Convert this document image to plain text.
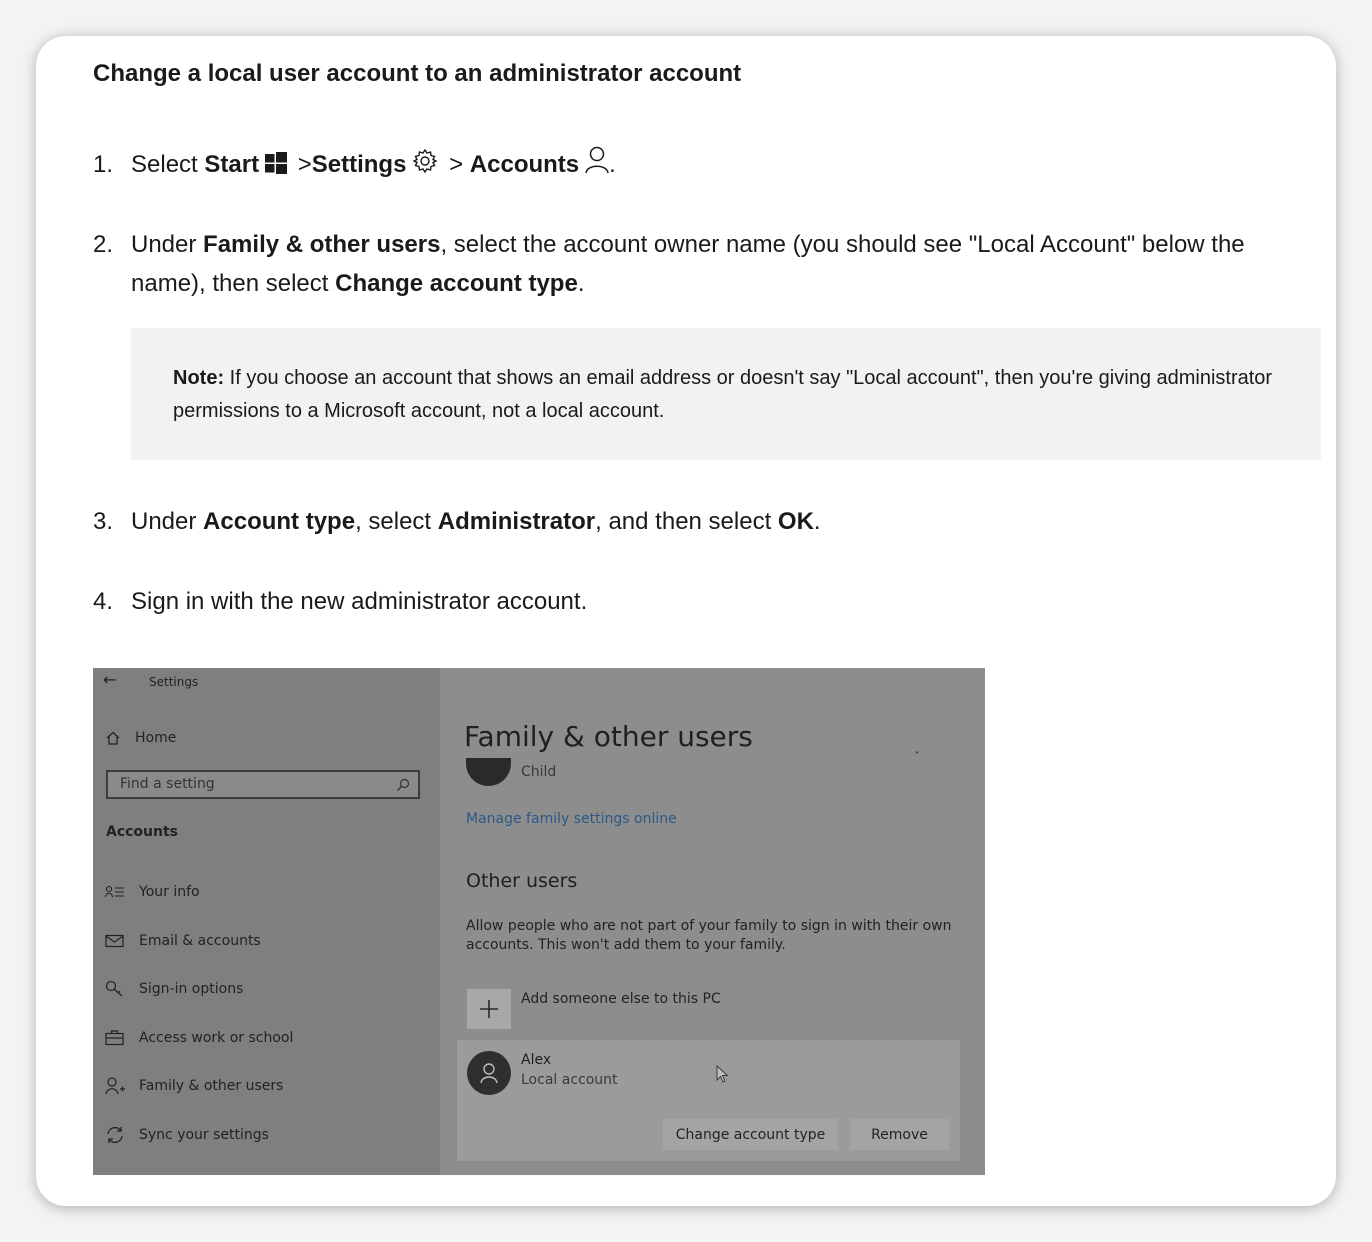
Change a local user account to an administrator account
1. Select Start >Settings > Accounts .
2. Under Family & other users, select the account owner name (you should see "Local Account" below the name), then select Change account type.
Note: If you choose an account that shows an email address or doesn't say "Local account", then you're giving administrator permissions to a Microsoft account, not a local account.
3. Under Account type, select Administrator, and then select OK.
4. Sign in with the new administrator account.
←	Settings
Home
Find a setting
Accounts
Your info
Email & accounts
Sign-in options
Access work or school
Family & other users
Sync your settings
Family & other users
Child
ˇ
Manage family settings online
Other users
Allow people who are not part of your family to sign in with their own
accounts. This won't add them to your family.
Add someone else to this PC
Alex
Local account
Change account type	Remove
